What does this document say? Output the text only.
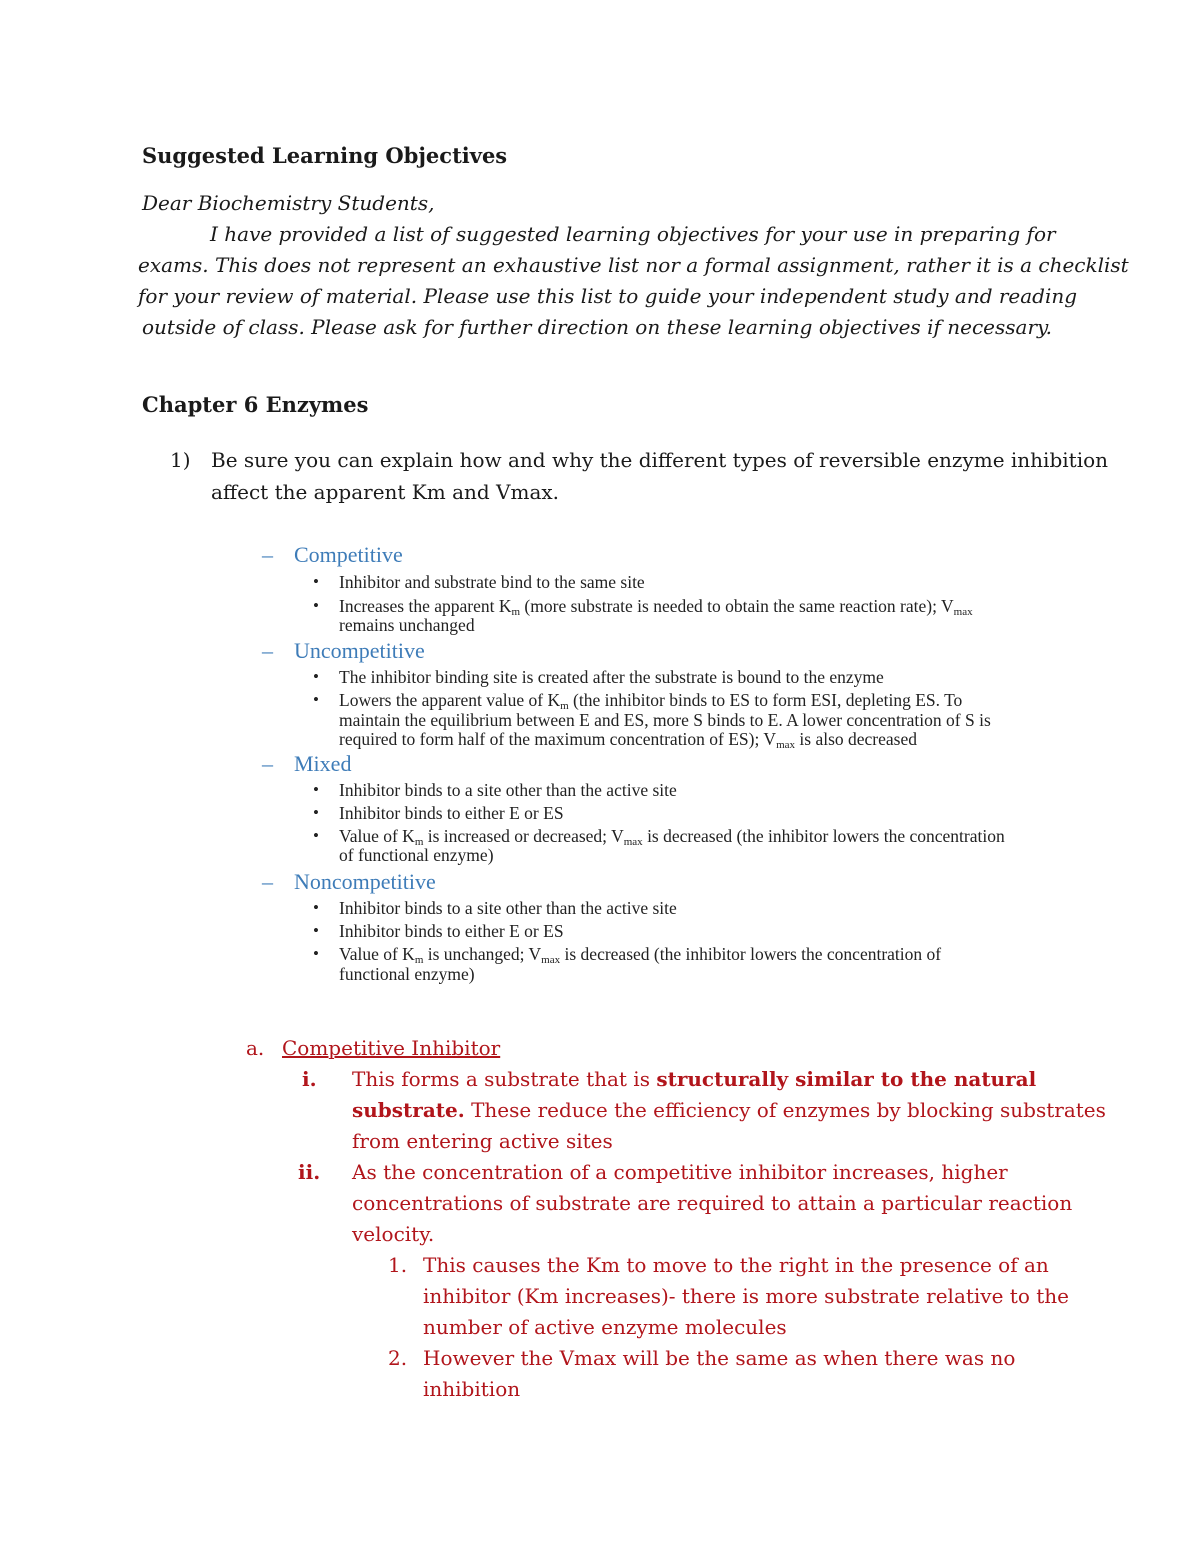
Suggested Learning Objectives
Dear Biochemistry Students,
I have provided a list of suggested learning objectives for your use in preparing for
exams. This does not represent an exhaustive list nor a formal assignment, rather it is a checklist
for your review of material. Please use this list to guide your independent study and reading
outside of class. Please ask for further direction on these learning objectives if necessary.
Chapter 6 Enzymes
1) Be sure you can explain how and why the different types of reversible enzyme inhibition
affect the apparent Km and Vmax.
– Competitive
• Inhibitor and substrate bind to the same site
• Increases the apparent $K_m$ (more substrate is needed to obtain the same reaction rate); $V_{max}$
remains unchanged
– Uncompetitive
• The inhibitor binding site is created after the substrate is bound to the enzyme
• Lowers the apparent value of $K_m$ (the inhibitor binds to ES to form ESI, depleting ES. To
maintain the equilibrium between E and ES, more S binds to E. A lower concentration of S is
required to form half of the maximum concentration of ES); $V_{max}$ is also decreased
– Mixed
• Inhibitor binds to a site other than the active site
• Inhibitor binds to either E or ES
• Value of $K_m$ is increased or decreased; $V_{max}$ is decreased (the inhibitor lowers the concentration
of functional enzyme)
– Noncompetitive
• Inhibitor binds to a site other than the active site
• Inhibitor binds to either E or ES
• Value of $K_m$ is unchanged; $V_{max}$ is decreased (the inhibitor lowers the concentration of
functional enzyme)
a. Competitive Inhibitor
i. This forms a substrate that is structurally similar to the natural
substrate. These reduce the efficiency of enzymes by blocking substrates
from entering active sites
ii. As the concentration of a competitive inhibitor increases, higher
concentrations of substrate are required to attain a particular reaction
velocity.
1. This causes the Km to move to the right in the presence of an
inhibitor (Km increases)- there is more substrate relative to the
number of active enzyme molecules
2. However the Vmax will be the same as when there was no
inhibition
